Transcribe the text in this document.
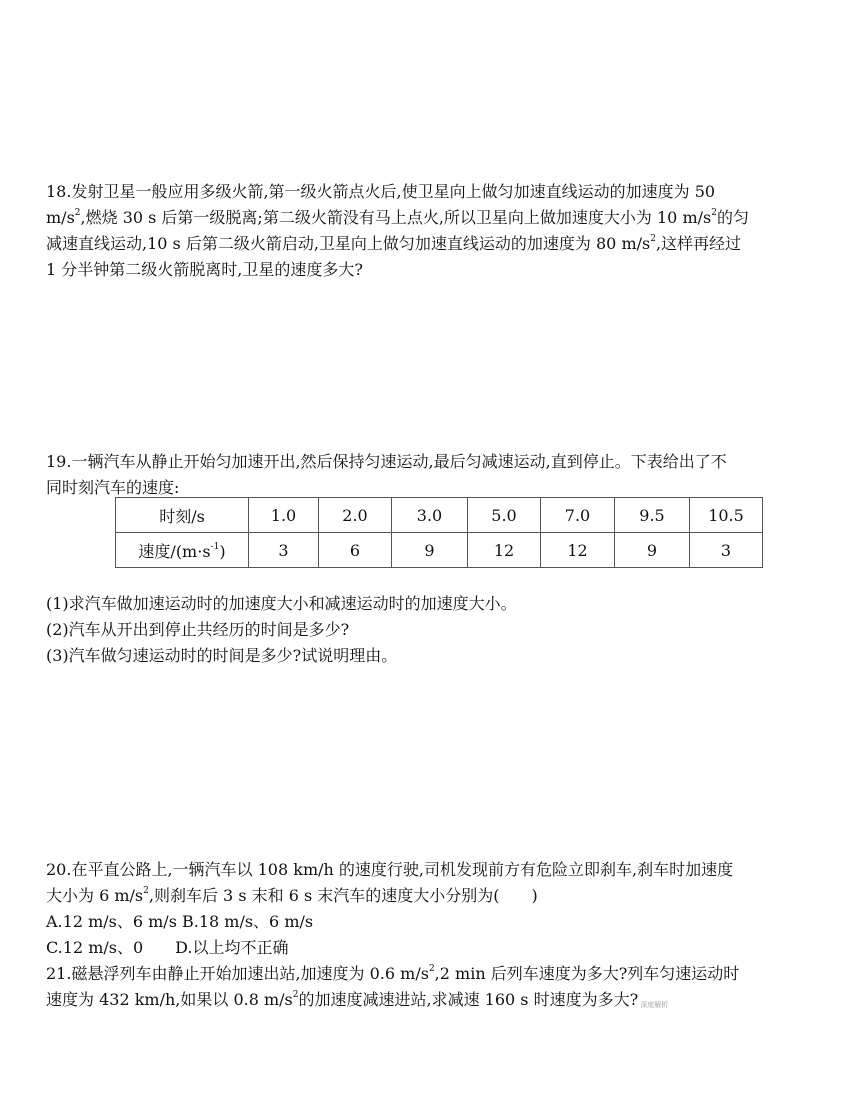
18.发射卫星一般应用多级火箭,第一级火箭点火后,使卫星向上做匀加速直线运动的加速度为 50
$m/s^2$,燃烧 30 s 后第一级脱离;第二级火箭没有马上点火,所以卫星向上做加速度大小为 10 $m/s^2$的匀
减速直线运动,10 s 后第二级火箭启动,卫星向上做匀加速直线运动的加速度为 80 $m/s^2$,这样再经过
1 分半钟第二级火箭脱离时,卫星的速度多大?
19.一辆汽车从静止开始匀加速开出,然后保持匀速运动,最后匀减速运动,直到停止。下表给出了不
同时刻汽车的速度:
时刻/s	1.0	2.0	3.0	5.0	7.0	9.5	10.5
速度$/(m\cdot s^{-1})$	3	6	9	12	12	9	3
(1)求汽车做加速运动时的加速度大小和减速运动时的加速度大小。
(2)汽车从开出到停止共经历的时间是多少?
(3)汽车做匀速运动时的时间是多少?试说明理由。
20.在平直公路上,一辆汽车以 108 km/h 的速度行驶,司机发现前方有危险立即刹车,刹车时加速度
大小为 6 $m/s^2$,则刹车后 3 s 末和 6 s 末汽车的速度大小分别为(　　)
A.12 m/s、6 m/s B.18 m/s、6 m/s
C.12 m/s、0　　D.以上均不正确
21.磁悬浮列车由静止开始加速出站,加速度为 0.6 $m/s^2,2$ min 后列车速度为多大?列车匀速运动时
速度为 432 km/h,如果以 0.8 $m/s^2$的加速度减速进站,求减速 160 s 时速度为多大? 深度解析
